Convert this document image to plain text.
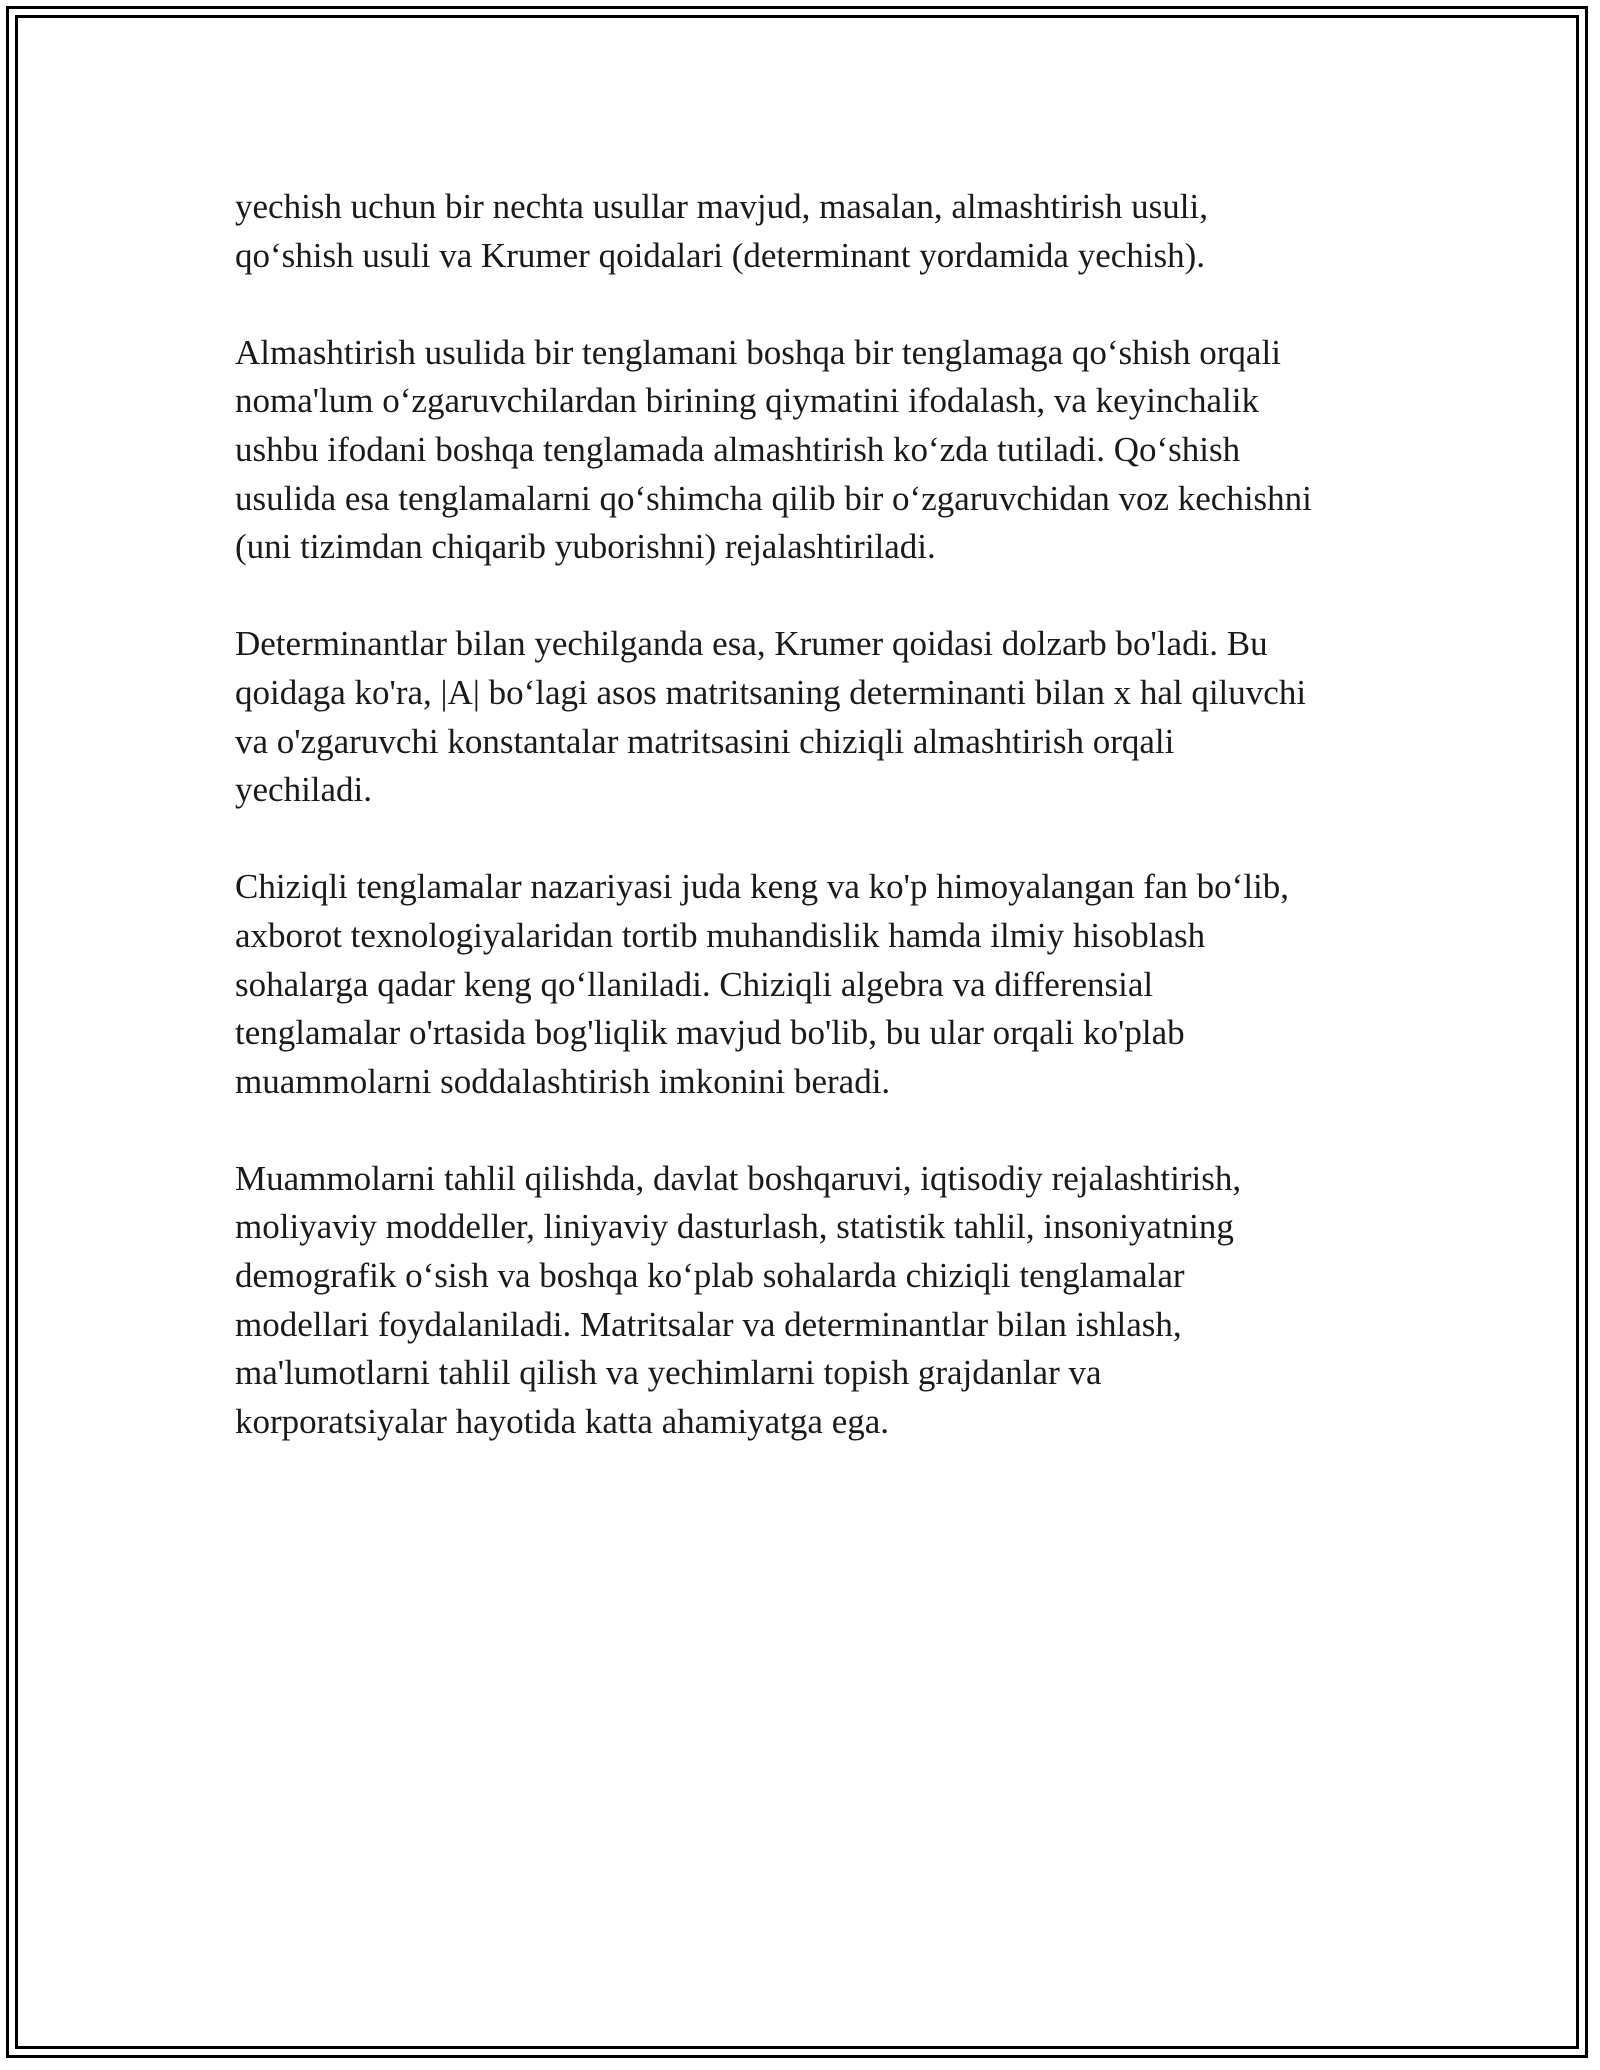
yechish uchun bir nechta usullar mavjud, masalan, almashtirish usuli,
qo‘shish usuli va Krumer qoidalari (determinant yordamida yechish).

Almashtirish usulida bir tenglamani boshqa bir tenglamaga qo‘shish orqali
noma'lum o‘zgaruvchilardan birining qiymatini ifodalash, va keyinchalik
ushbu ifodani boshqa tenglamada almashtirish ko‘zda tutiladi. Qo‘shish
usulida esa tenglamalarni qo‘shimcha qilib bir o‘zgaruvchidan voz kechishni
(uni tizimdan chiqarib yuborishni) rejalashtiriladi.

Determinantlar bilan yechilganda esa, Krumer qoidasi dolzarb bo'ladi. Bu
qoidaga ko'ra, |A| bo‘lagi asos matritsaning determinanti bilan x hal qiluvchi
va o'zgaruvchi konstantalar matritsasini chiziqli almashtirish orqali
yechiladi.

Chiziqli tenglamalar nazariyasi juda keng va ko'p himoyalangan fan bo‘lib,
axborot texnologiyalaridan tortib muhandislik hamda ilmiy hisoblash
sohalarga qadar keng qo‘llaniladi. Chiziqli algebra va differensial
tenglamalar o'rtasida bog'liqlik mavjud bo'lib, bu ular orqali ko'plab
muammolarni soddalashtirish imkonini beradi.

Muammolarni tahlil qilishda, davlat boshqaruvi, iqtisodiy rejalashtirish,
moliyaviy moddeller, liniyaviy dasturlash, statistik tahlil, insoniyatning
demografik o‘sish va boshqa ko‘plab sohalarda chiziqli tenglamalar
modellari foydalaniladi. Matritsalar va determinantlar bilan ishlash,
ma'lumotlarni tahlil qilish va yechimlarni topish grajdanlar va
korporatsiyalar hayotida katta ahamiyatga ega.
